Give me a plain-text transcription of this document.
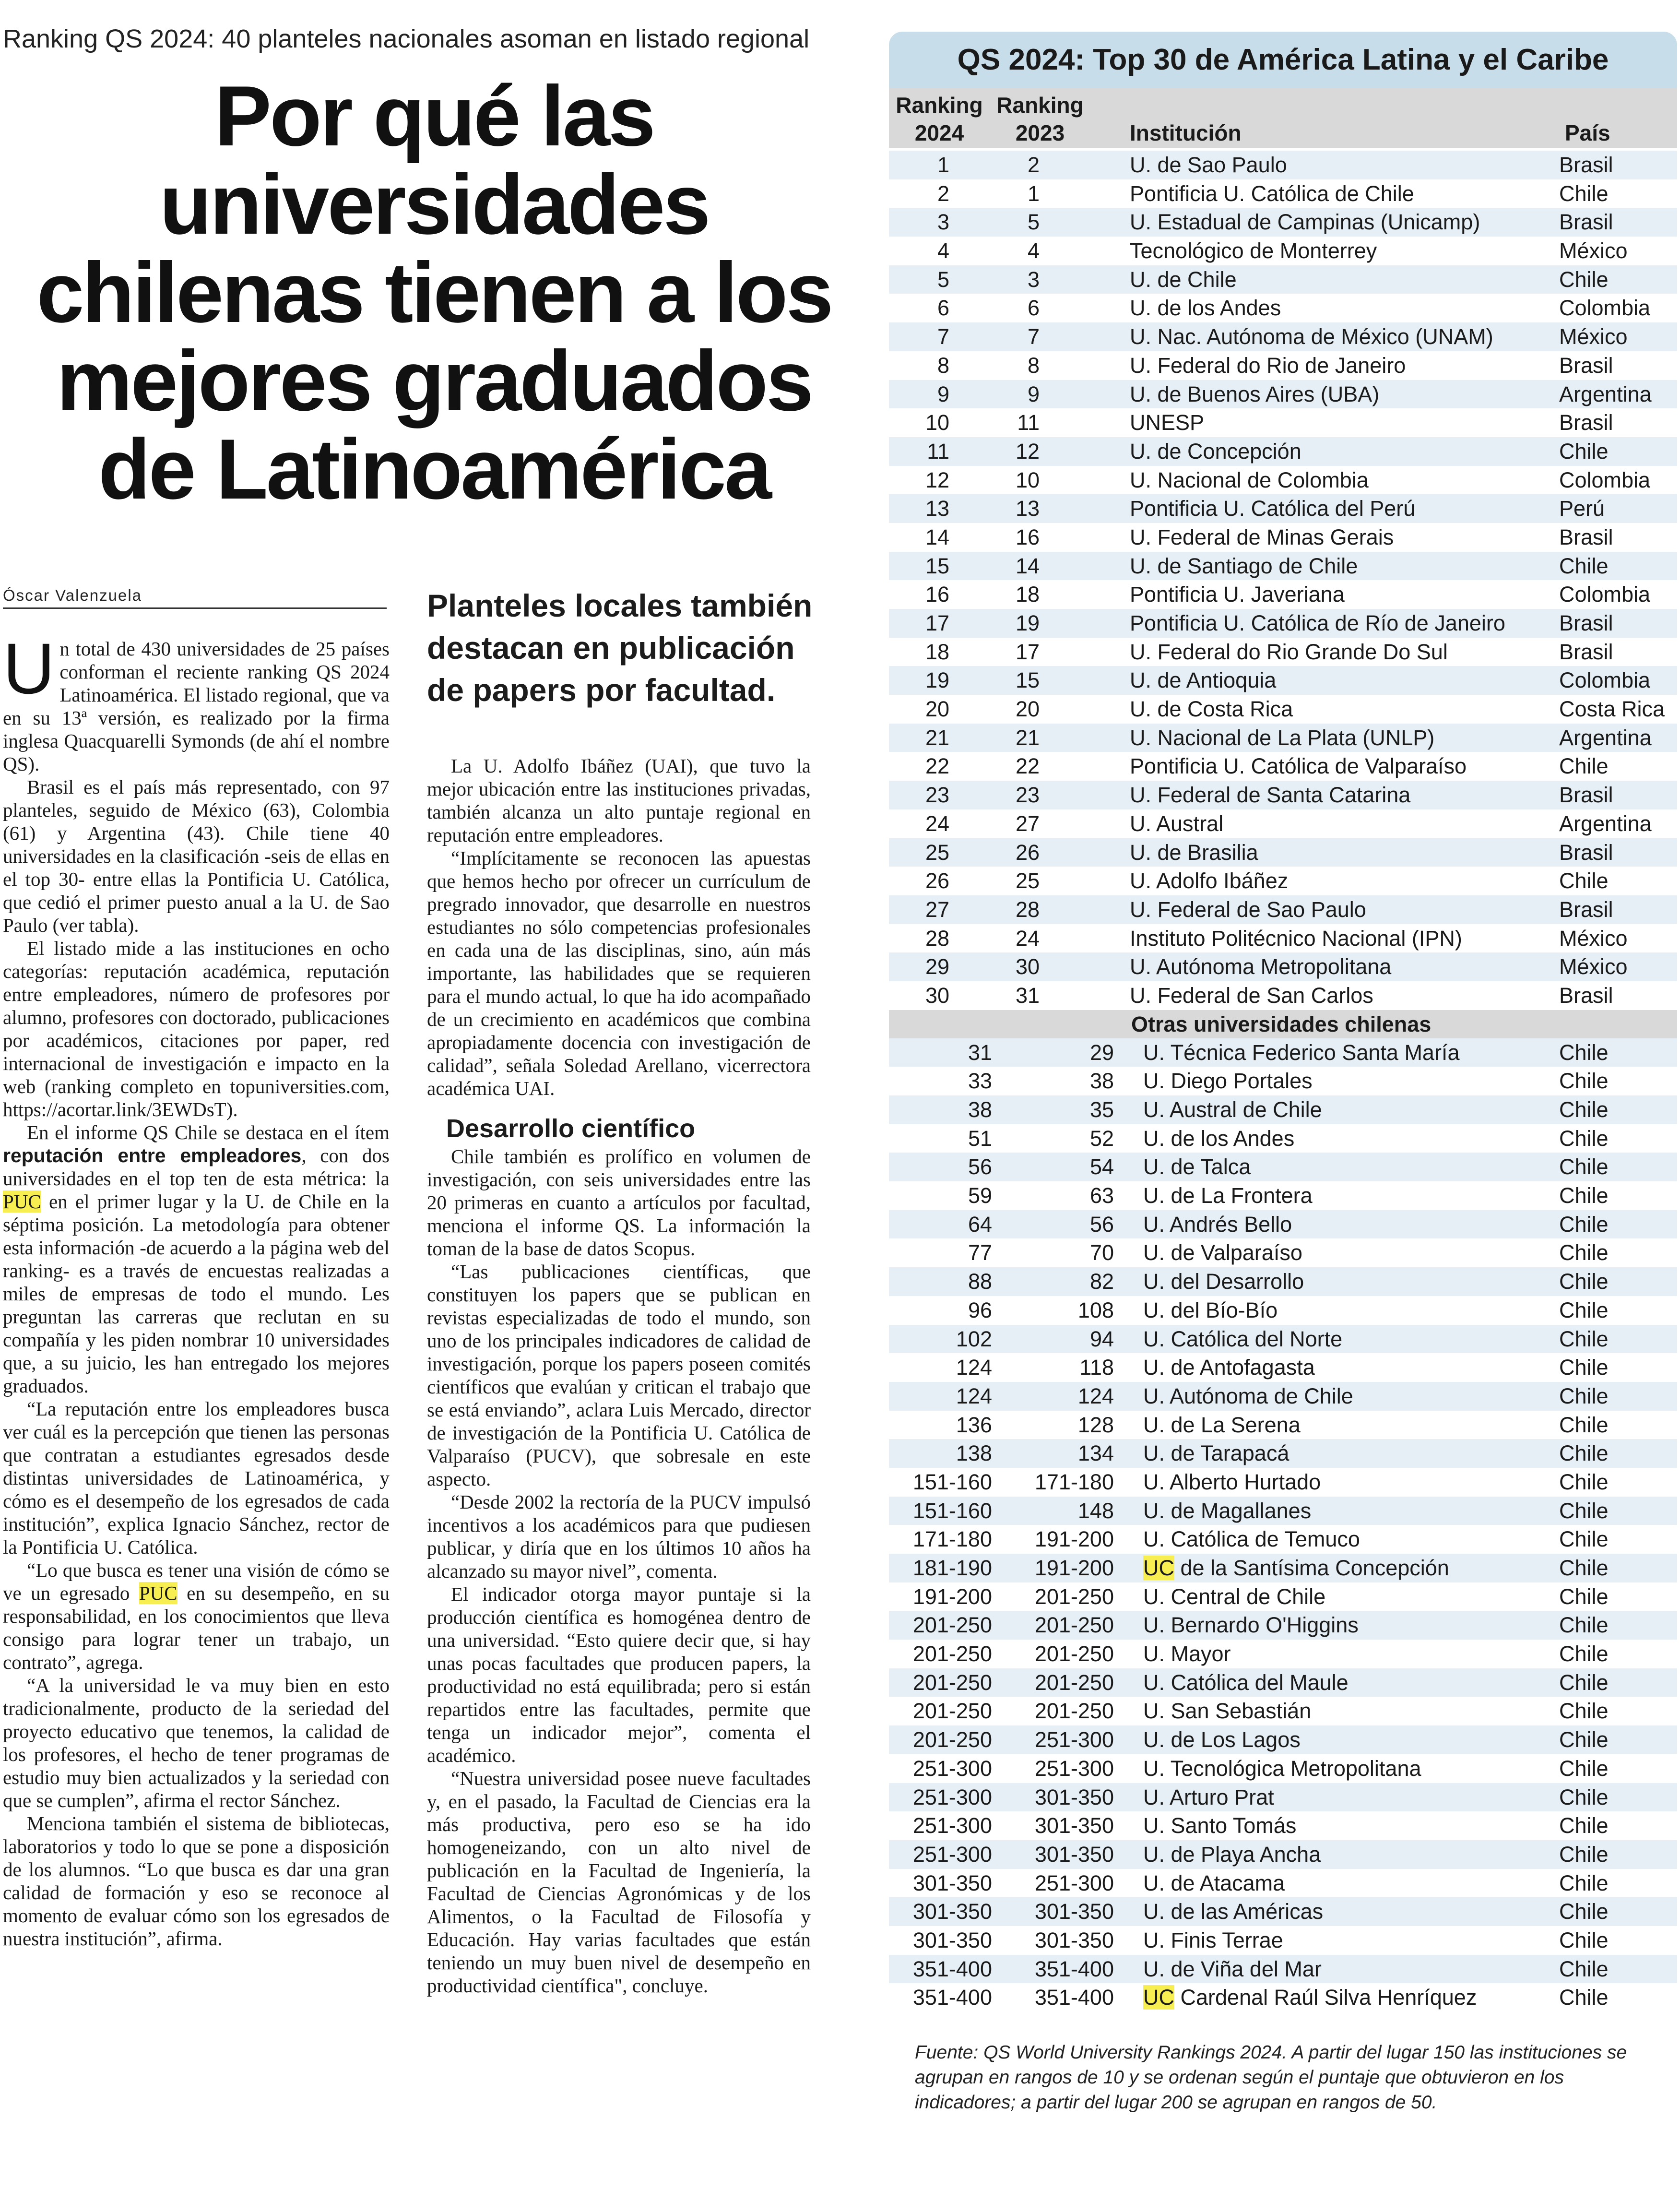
Ranking QS 2024: 40 planteles nacionales asoman en listado regional
Por qué las universidades chilenas tienen a los mejores graduados de Latinoamérica
Óscar Valenzuela

Un total de 430 universidades de 25 países conforman el reciente ranking QS 2024 Latinoamérica. El listado regional, que va en su 13ª versión, es realizado por la firma inglesa Quacquarelli Symonds (de ahí el nombre QS).

Brasil es el país más representado, con 97 planteles, seguido de México (63), Colombia (61) y Argentina (43). Chile tiene 40 universidades en la clasificación -seis de ellas en el top 30- entre ellas la Pontificia U. Católica, que cedió el primer puesto anual a la U. de Sao Paulo (ver tabla).

El listado mide a las instituciones en ocho categorías: reputación académica, reputación entre empleadores, número de profesores por alumno, profesores con doctorado, publicaciones por académicos, citaciones por paper, red internacional de investigación e impacto en la web (ranking completo en topuniversities.com, https://acortar.link/3EWDsT).

En el informe QS Chile se destaca en el ítem reputación entre empleadores, con dos universidades en el top ten de esta métrica: la PUC en el primer lugar y la U. de Chile en la séptima posición. La metodología para obtener esta información -de acuerdo a la página web del ranking- es a través de encuestas realizadas a miles de empresas de todo el mundo. Les preguntan las carreras que reclutan en su compañía y les piden nombrar 10 universidades que, a su juicio, les han entregado los mejores graduados.

“La reputación entre los empleadores busca ver cuál es la percepción que tienen las personas que contratan a estudiantes egresados desde distintas universidades de Latinoamérica, y cómo es el desempeño de los egresados de cada institución”, explica Ignacio Sánchez, rector de la Pontificia U. Católica.

“Lo que busca es tener una visión de cómo se ve un egresado PUC en su desempeño, en su responsabilidad, en los conocimientos que lleva consigo para lograr tener un trabajo, un contrato”, agrega.

“A la universidad le va muy bien en esto tradicionalmente, producto de la seriedad del proyecto educativo que tenemos, la calidad de los profesores, el hecho de tener programas de estudio muy bien actualizados y la seriedad con que se cumplen”, afirma el rector Sánchez.

Menciona también el sistema de bibliotecas, laboratorios y todo lo que se pone a disposición de los alumnos. “Lo que busca es dar una gran calidad de formación y eso se reconoce al momento de evaluar cómo son los egresados de nuestra institución”, afirma.

Planteles locales también destacan en publicación de papers por facultad.

La U. Adolfo Ibáñez (UAI), que tuvo la mejor ubicación entre las instituciones privadas, también alcanza un alto puntaje regional en reputación entre empleadores.

“Implícitamente se reconocen las apuestas que hemos hecho por ofrecer un currículum de pregrado innovador, que desarrolle en nuestros estudiantes no sólo competencias profesionales en cada una de las disciplinas, sino, aún más importante, las habilidades que se requieren para el mundo actual, lo que ha ido acompañado de un crecimiento en académicos que combina apropiadamente docencia con investigación de calidad”, señala Soledad Arellano, vicerrectora académica UAI.

Desarrollo científico

Chile también es prolífico en volumen de investigación, con seis universidades entre las 20 primeras en cuanto a artículos por facultad, menciona el informe QS. La información la toman de la base de datos Scopus.

“Las publicaciones científicas, que constituyen los papers que se publican en revistas especializadas de todo el mundo, son uno de los principales indicadores de calidad de investigación, porque los papers poseen comités científicos que evalúan y critican el trabajo que se está enviando”, aclara Luis Mercado, director de investigación de la Pontificia U. Católica de Valparaíso (PUCV), que sobresale en este aspecto.

“Desde 2002 la rectoría de la PUCV impulsó incentivos a los académicos para que pudiesen publicar, y diría que en los últimos 10 años ha alcanzado su mayor nivel”, comenta.

El indicador otorga mayor puntaje si la producción científica es homogénea dentro de una universidad. “Esto quiere decir que, si hay unas pocas facultades que producen papers, la productividad no está equilibrada; pero si están repartidos entre las facultades, permite que tenga un indicador mejor”, comenta el académico.

“Nuestra universidad posee nueve facultades y, en el pasado, la Facultad de Ciencias era la más productiva, pero eso se ha ido homogeneizando, con un alto nivel de publicación en la Facultad de Ingeniería, la Facultad de Ciencias Agronómicas y de los Alimentos, o la Facultad de Filosofía y Educación. Hay varias facultades que están teniendo un muy buen nivel de desempeño en productividad científica", concluye.

QS 2024: Top 30 de América Latina y el Caribe
Ranking 2024
Ranking 2023	Institución	País
1	2	U. de Sao Paulo	Brasil
2	1	Pontificia U. Católica de Chile	Chile
3	5	U. Estadual de Campinas (Unicamp)	Brasil
4	4	Tecnológico de Monterrey	México
5	3	U. de Chile	Chile
6	6	U. de los Andes	Colombia
7	7	U. Nac. Autónoma de México (UNAM)	México
8	8	U. Federal do Rio de Janeiro	Brasil
9	9	U. de Buenos Aires (UBA)	Argentina
10	11	UNESP	Brasil
11	12	U. de Concepción	Chile
12	10	U. Nacional de Colombia	Colombia
13	13	Pontificia U. Católica del Perú	Perú
14	16	U. Federal de Minas Gerais	Brasil
15	14	U. de Santiago de Chile	Chile
16	18	Pontificia U. Javeriana	Colombia
17	19	Pontificia U. Católica de Río de Janeiro Brasil
18	17	U. Federal do Rio Grande Do Sul	Brasil
19	15	U. de Antioquia	Colombia
20	20	U. de Costa Rica	Costa Rica
21	21	U. Nacional de La Plata (UNLP)	Argentina
22	22	Pontificia U. Católica de Valparaíso	Chile
23	23	U. Federal de Santa Catarina	Brasil
24	27	U. Austral	Argentina
25	26	U. de Brasilia	Brasil
26	25	U. Adolfo Ibáñez	Chile
27	28	U. Federal de Sao Paulo	Brasil
28	24	Instituto Politécnico Nacional (IPN)	México
29	30	U. Autónoma Metropolitana	México
30	31	U. Federal de San Carlos	Brasil
Otras universidades chilenas
31	29 U. Técnica Federico Santa María	Chile
33	38 U. Diego Portales	Chile
38	35 U. Austral de Chile	Chile
51	52 U. de los Andes	Chile
56	54 U. de Talca	Chile
59	63 U. de La Frontera	Chile
64	56 U. Andrés Bello	Chile
77	70 U. de Valparaíso	Chile
88	82 U. del Desarrollo	Chile
96	108 U. del Bío-Bío	Chile
102	94 U. Católica del Norte	Chile
124	118 U. de Antofagasta	Chile
124	124 U. Autónoma de Chile	Chile
136	128 U. de La Serena	Chile
138	134 U. de Tarapacá	Chile
151-160	171-180 U. Alberto Hurtado	Chile
151-160	148 U. de Magallanes	Chile
171-180	191-200 U. Católica de Temuco	Chile
181-190	191-200 UC de la Santísima Concepción	Chile
191-200	201-250 U. Central de Chile	Chile
201-250	201-250 U. Bernardo O'Higgins	Chile
201-250	201-250 U. Mayor	Chile
201-250	201-250 U. Católica del Maule	Chile
201-250	201-250 U. San Sebastián	Chile
201-250	251-300 U. de Los Lagos	Chile
251-300	251-300 U. Tecnológica Metropolitana	Chile
251-300	301-350 U. Arturo Prat	Chile
251-300	301-350 U. Santo Tomás	Chile
251-300	301-350 U. de Playa Ancha	Chile
301-350	251-300 U. de Atacama	Chile
301-350	301-350 U. de las Américas	Chile
301-350	301-350 U. Finis Terrae	Chile
351-400	351-400 U. de Viña del Mar	Chile
351-400	351-400 UC Cardenal Raúl Silva Henríquez	Chile
Fuente: QS World University Rankings 2024. A partir del lugar 150 las instituciones se agrupan en rangos de 10 y se ordenan según el puntaje que obtuvieron en los indicadores; a partir del lugar 200 se agrupan en rangos de 50.
